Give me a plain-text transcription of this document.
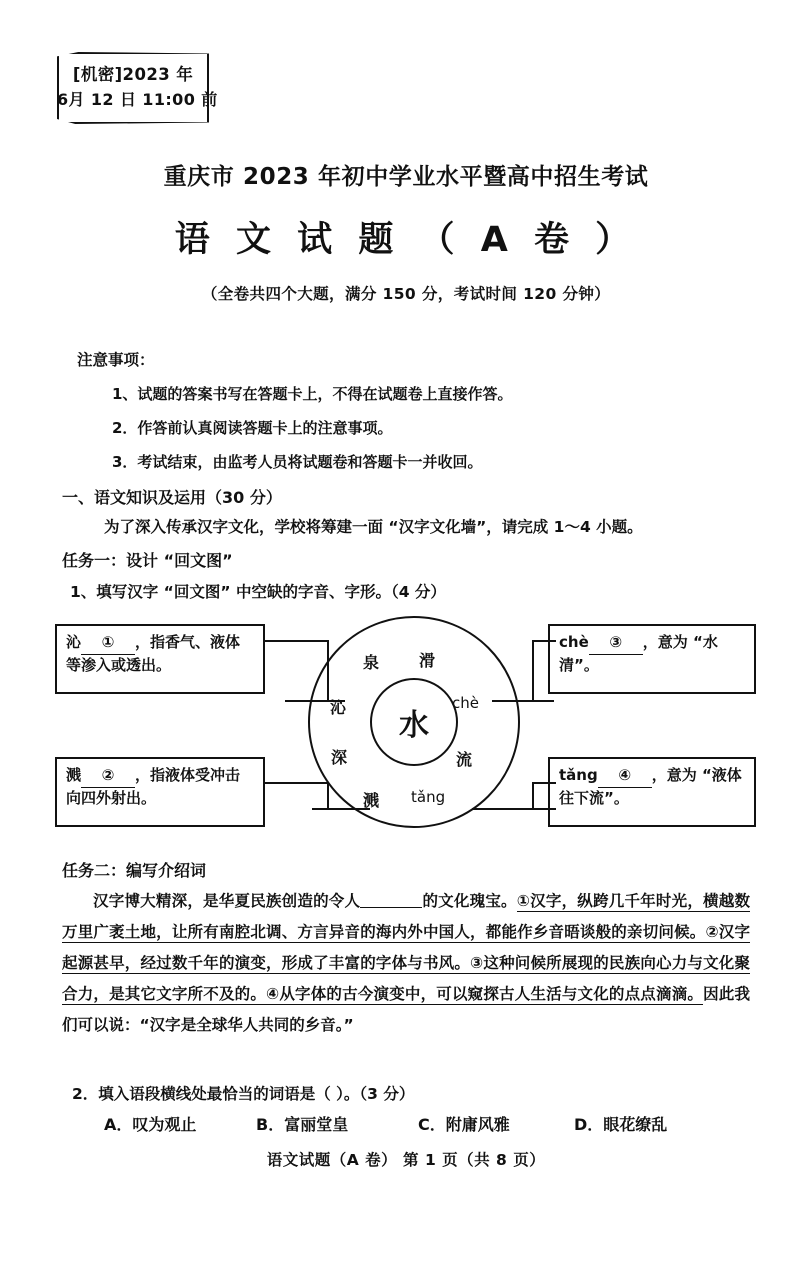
[机密]2023 年
6月 12 日 11:00 前
重庆市 2023 年初中学业水平暨高中招生考试
语 文 试 题 （ A 卷 ）
（全卷共四个大题，满分 150 分，考试时间 120 分钟）
注意事项：
1、试题的答案书写在答题卡上，不得在试题卷上直接作答。
2．作答前认真阅读答题卡上的注意事项。
3．考试结束，由监考人员将试题卷和答题卡一并收回。
一、语文知识及运用（30 分）
为了深入传承汉字文化，学校将筹建一面 “汉字文化墙”，请完成 1～4 小题。
任务一：设计 “回文图”
1、填写汉字 “回文图” 中空缺的字音、字形。（4 分）
水
泉 滑
chè
流
tǎng
溅
深
沁
沁 ① ，指香气、液体等渗入或透出。
溅 ② ，指液体受冲击向四外射出。
chè ③ ，意为 “水清”。
tǎng ④ ，意为 “液体往下流”。
任务二：编写介绍词
汉字博大精深，是华夏民族创造的令人	的文化瑰宝。①汉字，纵跨几千年时光，横越数万里广袤土地，让所有南腔北调、方言异音的海内外中国人，都能作乡音晤谈般的亲切问候。②汉字起源甚早，经过数千年的演变，形成了丰富的字体与书风。③这种问候所展现的民族向心力与文化聚合力，是其它文字所不及的。④从字体的古今演变中，可以窥探古人生活与文化的点点滴滴。因此我们可以说：“汉字是全球华人共同的乡音。”
2．填入语段横线处最恰当的词语是（ ）。（3 分）
A．叹为观止	B．富丽堂皇	C．附庸风雅	D．眼花缭乱
语文试题（A 卷） 第 1 页（共 8 页）
